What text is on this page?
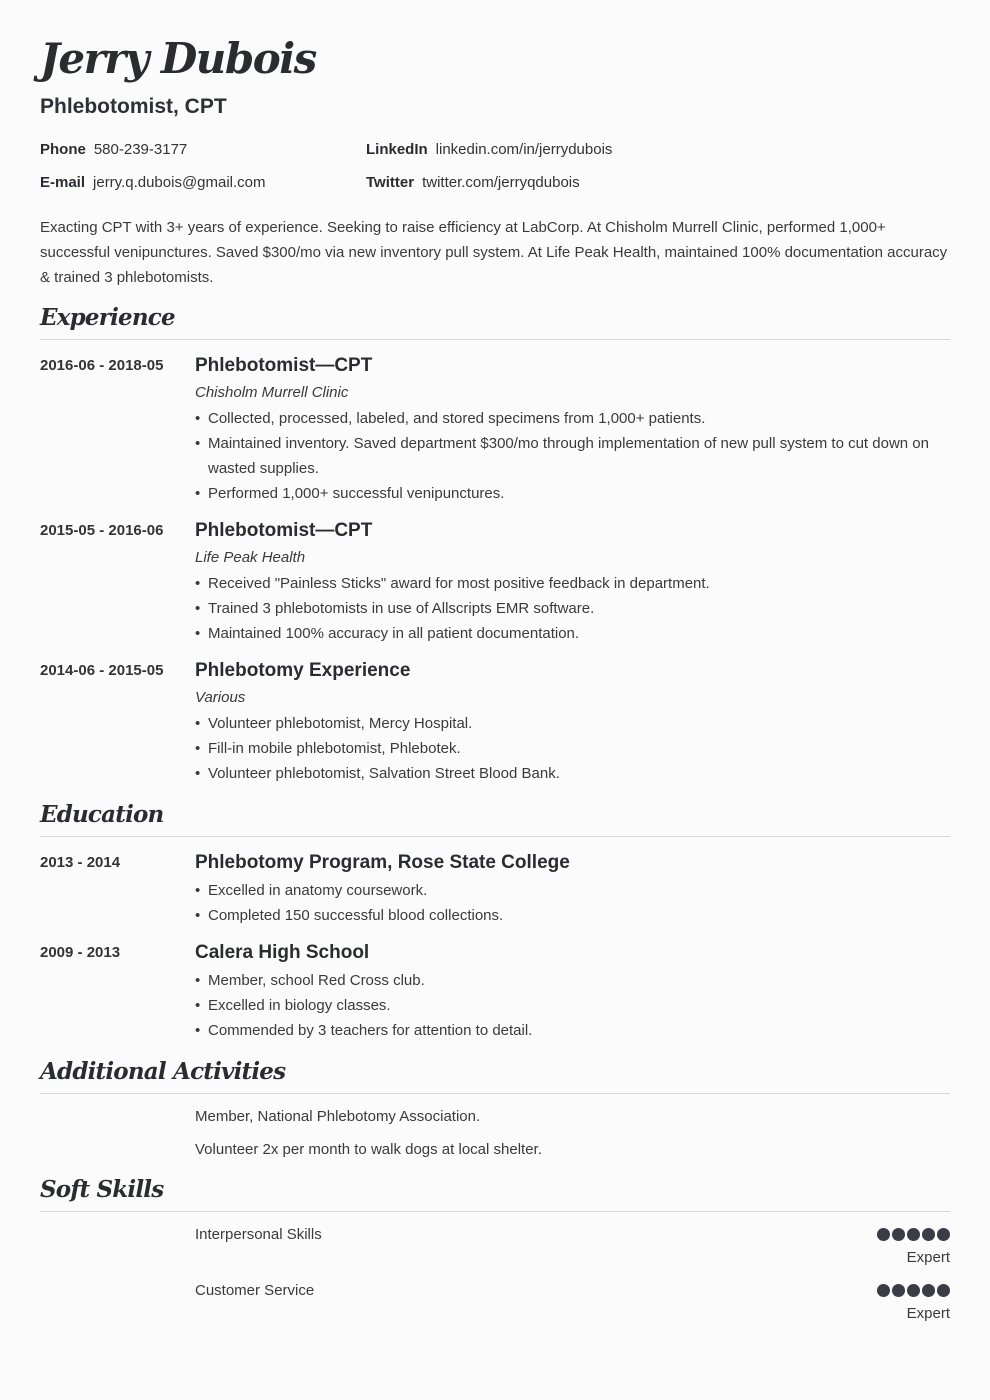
Jerry Dubois
Phlebotomist, CPT
Phone 580-239-3177	LinkedIn linkedin.com/in/jerrydubois
E-mail jerry.q.dubois@gmail.com	Twitter twitter.com/jerryqdubois

Exacting CPT with 3+ years of experience. Seeking to raise efficiency at LabCorp. At Chisholm Murrell Clinic, performed 1,000+ successful venipunctures. Saved $300/mo via new inventory pull system. At Life Peak Health, maintained 100% documentation accuracy & trained 3 phlebotomists.

Experience
2016-06 - 2018-05 Phlebotomist—CPT
Chisholm Murrell Clinic
• Collected, processed, labeled, and stored specimens from 1,000+ patients.
• Maintained inventory. Saved department $300/mo through implementation of new pull system to cut down on wasted supplies.
• Performed 1,000+ successful venipunctures.
2015-05 - 2016-06 Phlebotomist—CPT
Life Peak Health
• Received "Painless Sticks" award for most positive feedback in department.
• Trained 3 phlebotomists in use of Allscripts EMR software.
• Maintained 100% accuracy in all patient documentation.
2014-06 - 2015-05 Phlebotomy Experience
Various
• Volunteer phlebotomist, Mercy Hospital.
• Fill-in mobile phlebotomist, Phlebotek.
• Volunteer phlebotomist, Salvation Street Blood Bank.
Education
2013 - 2014	Phlebotomy Program, Rose State College
• Excelled in anatomy coursework.
• Completed 150 successful blood collections.
2009 - 2013	Calera High School
• Member, school Red Cross club.
• Excelled in biology classes.
• Commended by 3 teachers for attention to detail.
Additional Activities
Member, National Phlebotomy Association.
Volunteer 2x per month to walk dogs at local shelter.
Soft Skills
Interpersonal Skills
Expert
Customer Service
Expert
